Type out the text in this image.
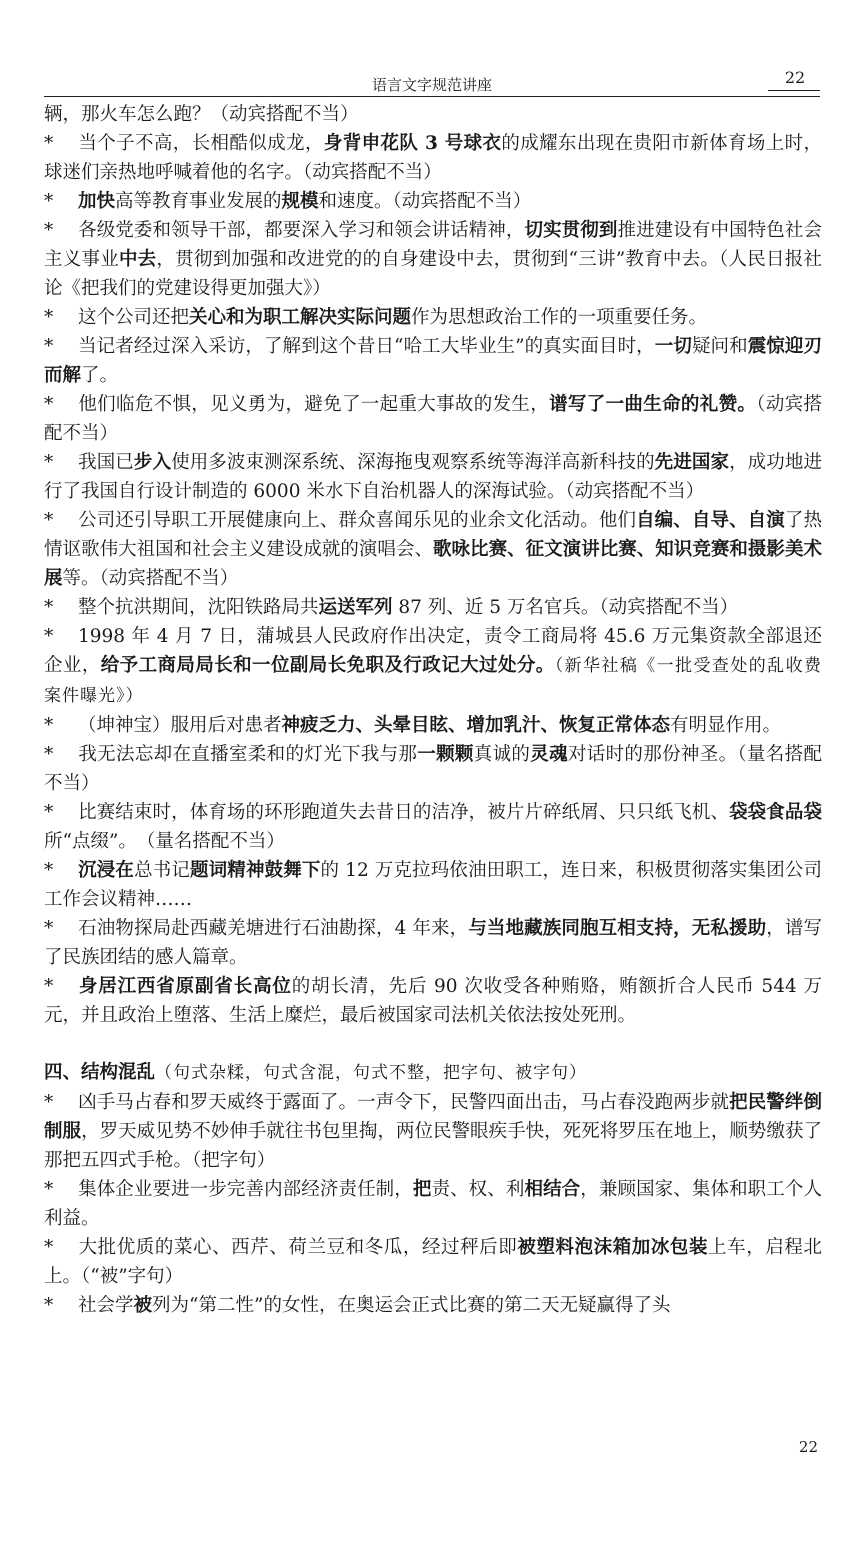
语言文字规范讲座	22

辆，那火车怎么跑？（动宾搭配不当）

* 当个子不高，长相酷似成龙，身背申花队 3 号球衣的成耀东出现在贵阳市新体育场上时，球迷们亲热地呼喊着他的名字。（动宾搭配不当）

* 加快高等教育事业发展的规模和速度。（动宾搭配不当）

* 各级党委和领导干部，都要深入学习和领会讲话精神，切实贯彻到推进建设有中国特色社会主义事业中去，贯彻到加强和改进党的的自身建设中去，贯彻到“三讲”教育中去。（人民日报社论《把我们的党建设得更加强大》）

* 这个公司还把关心和为职工解决实际问题作为思想政治工作的一项重要任务。

* 当记者经过深入采访，了解到这个昔日“哈工大毕业生”的真实面目时，一切疑问和震惊迎刃而解了。

* 他们临危不惧，见义勇为，避免了一起重大事故的发生，谱写了一曲生命的礼赞。（动宾搭配不当）

* 我国已步入使用多波束测深系统、深海拖曳观察系统等海洋高新科技的先进国家，成功地进行了我国自行设计制造的 6000 米水下自治机器人的深海试验。（动宾搭配不当）

* 公司还引导职工开展健康向上、群众喜闻乐见的业余文化活动。他们自编、自导、自演了热情讴歌伟大祖国和社会主义建设成就的演唱会、歌咏比赛、征文演讲比赛、知识竞赛和摄影美术展等。（动宾搭配不当）

* 整个抗洪期间，沈阳铁路局共运送军列 87 列、近 5 万名官兵。（动宾搭配不当）

* 1998 年 4 月 7 日，蒲城县人民政府作出决定，责令工商局将 45.6 万元集资款全部退还企业，给予工商局局长和一位副局长免职及行政记大过处分。（新华社稿《一批受查处的乱收费案件曝光》）

* （坤神宝）服用后对患者神疲乏力、头晕目眩、增加乳汁、恢复正常体态有明显作用。

* 我无法忘却在直播室柔和的灯光下我与那一颗颗真诚的灵魂对话时的那份神圣。（量名搭配不当）

* 比赛结束时，体育场的环形跑道失去昔日的洁净，被片片碎纸屑、只只纸飞机、袋袋食品袋所“点缀”。　（量名搭配不当）

* 沉浸在总书记题词精神鼓舞下的 12 万克拉玛依油田职工，连日来，积极贯彻落实集团公司工作会议精神……

* 石油物探局赴西藏羌塘进行石油勘探，4 年来，与当地藏族同胞互相支持，无私援助，谱写了民族团结的感人篇章。

* 身居江西省原副省长高位的胡长清，先后 90 次收受各种贿赂，贿额折合人民币 544 万元，并且政治上堕落、生活上糜烂，最后被国家司法机关依法按处死刑。

四、结构混乱（句式杂糅，句式含混，句式不整，把字句、被字句）

* 凶手马占春和罗天威终于露面了。一声令下，民警四面出击，马占春没跑两步就把民警绊倒制服，罗天威见势不妙伸手就往书包里掏，两位民警眼疾手快，死死将罗压在地上，顺势缴获了那把五四式手枪。（把字句）

* 集体企业要进一步完善内部经济责任制，把责、权、利相结合，兼顾国家、集体和职工个人利益。

* 大批优质的菜心、西芹、荷兰豆和冬瓜，经过秤后即被塑料泡沫箱加冰包装上车，启程北上。（“被”字句）

* 社会学被列为“第二性”的女性，在奥运会正式比赛的第二天无疑赢得了头

22
